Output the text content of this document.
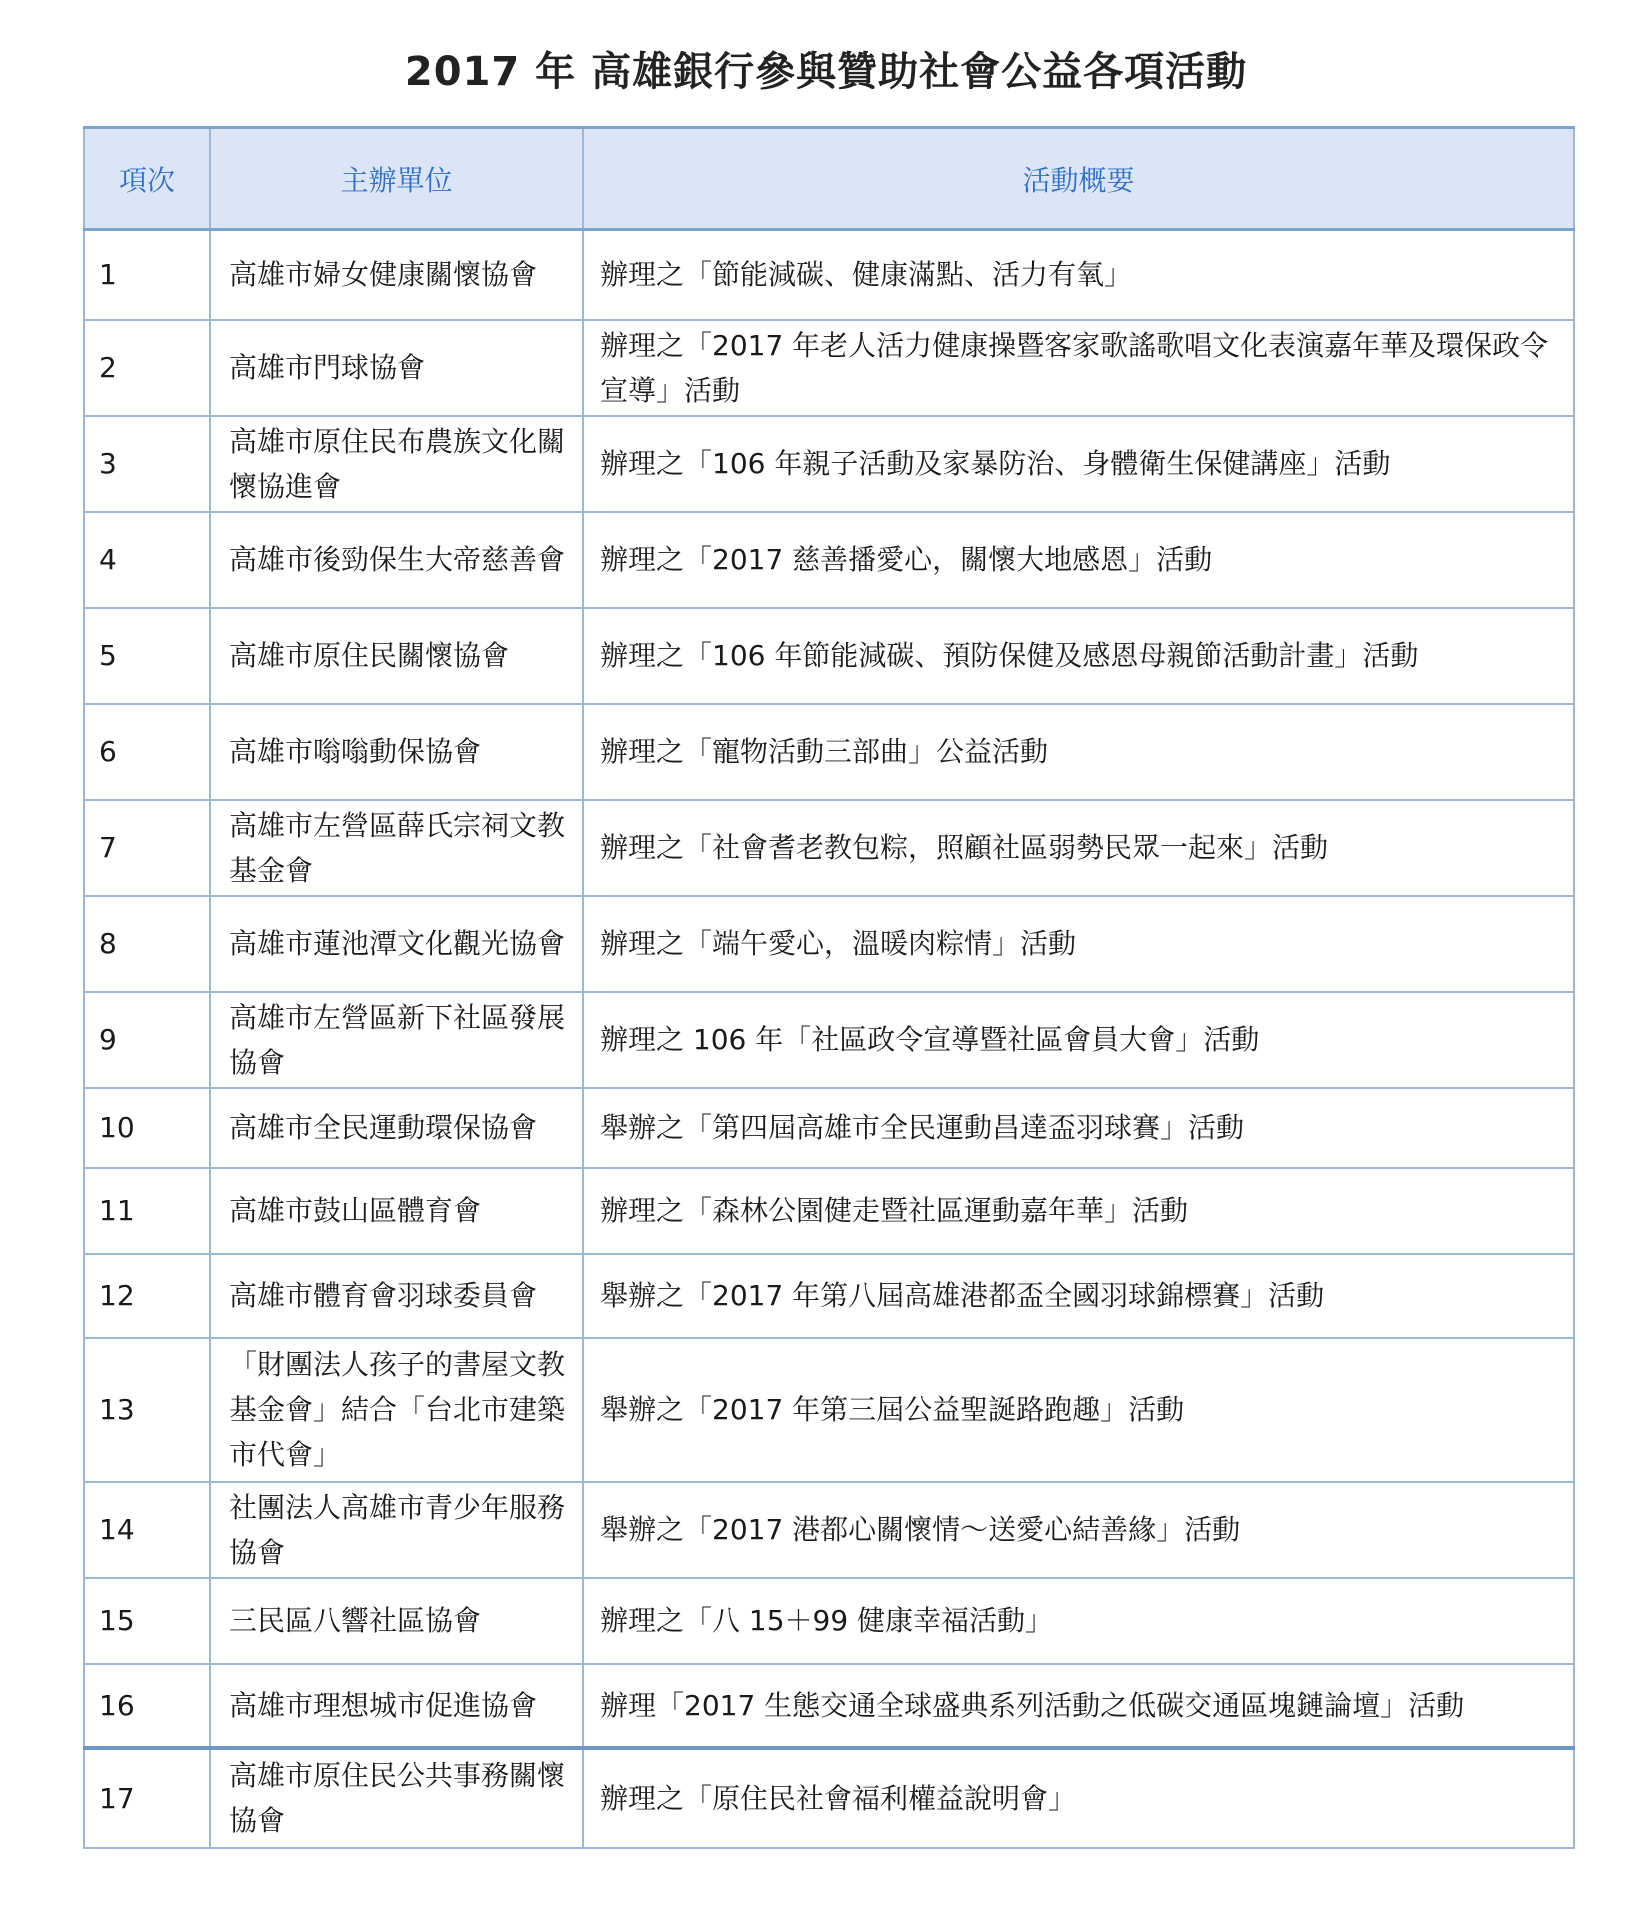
2017 年 高雄銀行參與贊助社會公益各項活動
項次	主辦單位	活動概要
1	高雄市婦女健康關懷協會	辦理之「節能減碳、健康滿點、活力有氧」
2	高雄市門球協會	辦理之「2017 年老人活力健康操暨客家歌謠歌唱文化表演嘉年華及環保政令宣導」活動
3	高雄市原住民布農族文化關懷協進會	辦理之「106 年親子活動及家暴防治、身體衛生保健講座」活動
4	高雄市後勁保生大帝慈善會	辦理之「2017 慈善播愛心，關懷大地感恩」活動
5	高雄市原住民關懷協會	辦理之「106 年節能減碳、預防保健及感恩母親節活動計畫」活動
6	高雄市嗡嗡動保協會	辦理之「寵物活動三部曲」公益活動
7	高雄市左營區薛氏宗祠文教基金會	辦理之「社會耆老教包粽，照顧社區弱勢民眾一起來」活動
8	高雄市蓮池潭文化觀光協會	辦理之「端午愛心，溫暖肉粽情」活動
9	高雄市左營區新下社區發展協會	辦理之 106 年「社區政令宣導暨社區會員大會」活動
10	高雄市全民運動環保協會	舉辦之「第四屆高雄市全民運動昌達盃羽球賽」活動
11	高雄市鼓山區體育會	辦理之「森林公園健走暨社區運動嘉年華」活動
12	高雄市體育會羽球委員會	舉辦之「2017 年第八屆高雄港都盃全國羽球錦標賽」活動
13	「財團法人孩子的書屋文教基金會」結合「台北市建築市代會」	舉辦之「2017 年第三屆公益聖誕路跑趣」活動
14	社團法人高雄市青少年服務協會	舉辦之「2017 港都心關懷情～送愛心結善緣」活動
15	三民區八響社區協會	辦理之「八 15＋99 健康幸福活動」
16	高雄市理想城市促進協會	辦理「2017 生態交通全球盛典系列活動之低碳交通區塊鏈論壇」活動
17	高雄市原住民公共事務關懷協會	辦理之「原住民社會福利權益說明會」
